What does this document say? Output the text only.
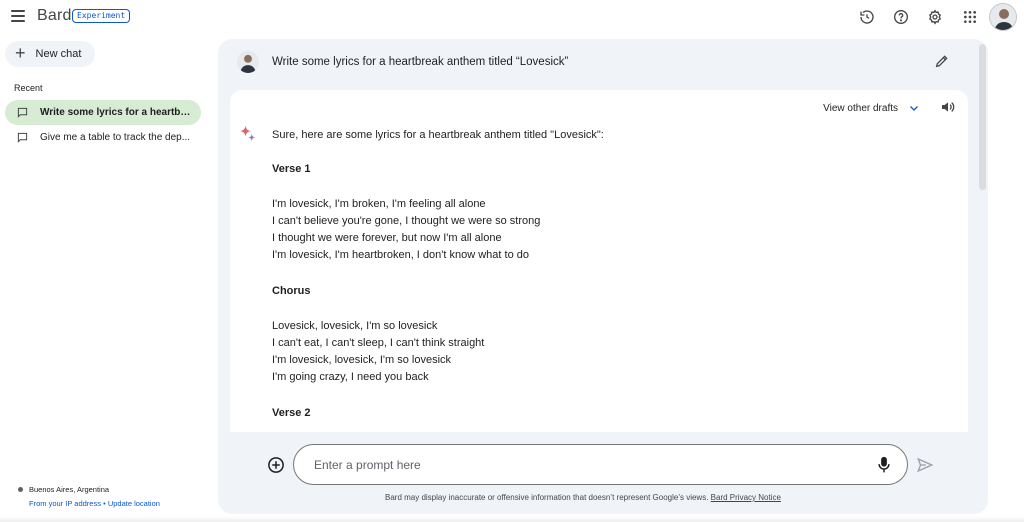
Bard Experiment
+ New chat
Recent
Write some lyrics for a heartbr...
Give me a table to track the dep...
Buenos Aires, Argentina
From your IP address • Update location
Write some lyrics for a heartbreak anthem titled “Lovesick”
View other drafts
Sure, here are some lyrics for a heartbreak anthem titled "Lovesick":
Verse 1
I'm lovesick, I'm broken, I'm feeling all alone
I can't believe you're gone, I thought we were so strong
I thought we were forever, but now I'm all alone
I'm lovesick, I'm heartbroken, I don't know what to do
Chorus
Lovesick, lovesick, I'm so lovesick
I can't eat, I can't sleep, I can't think straight
I'm lovesick, lovesick, I'm so lovesick
I'm going crazy, I need you back
Verse 2
Enter a prompt here
Bard may display inaccurate or offensive information that doesn’t represent Google’s views. Bard Privacy Notice
